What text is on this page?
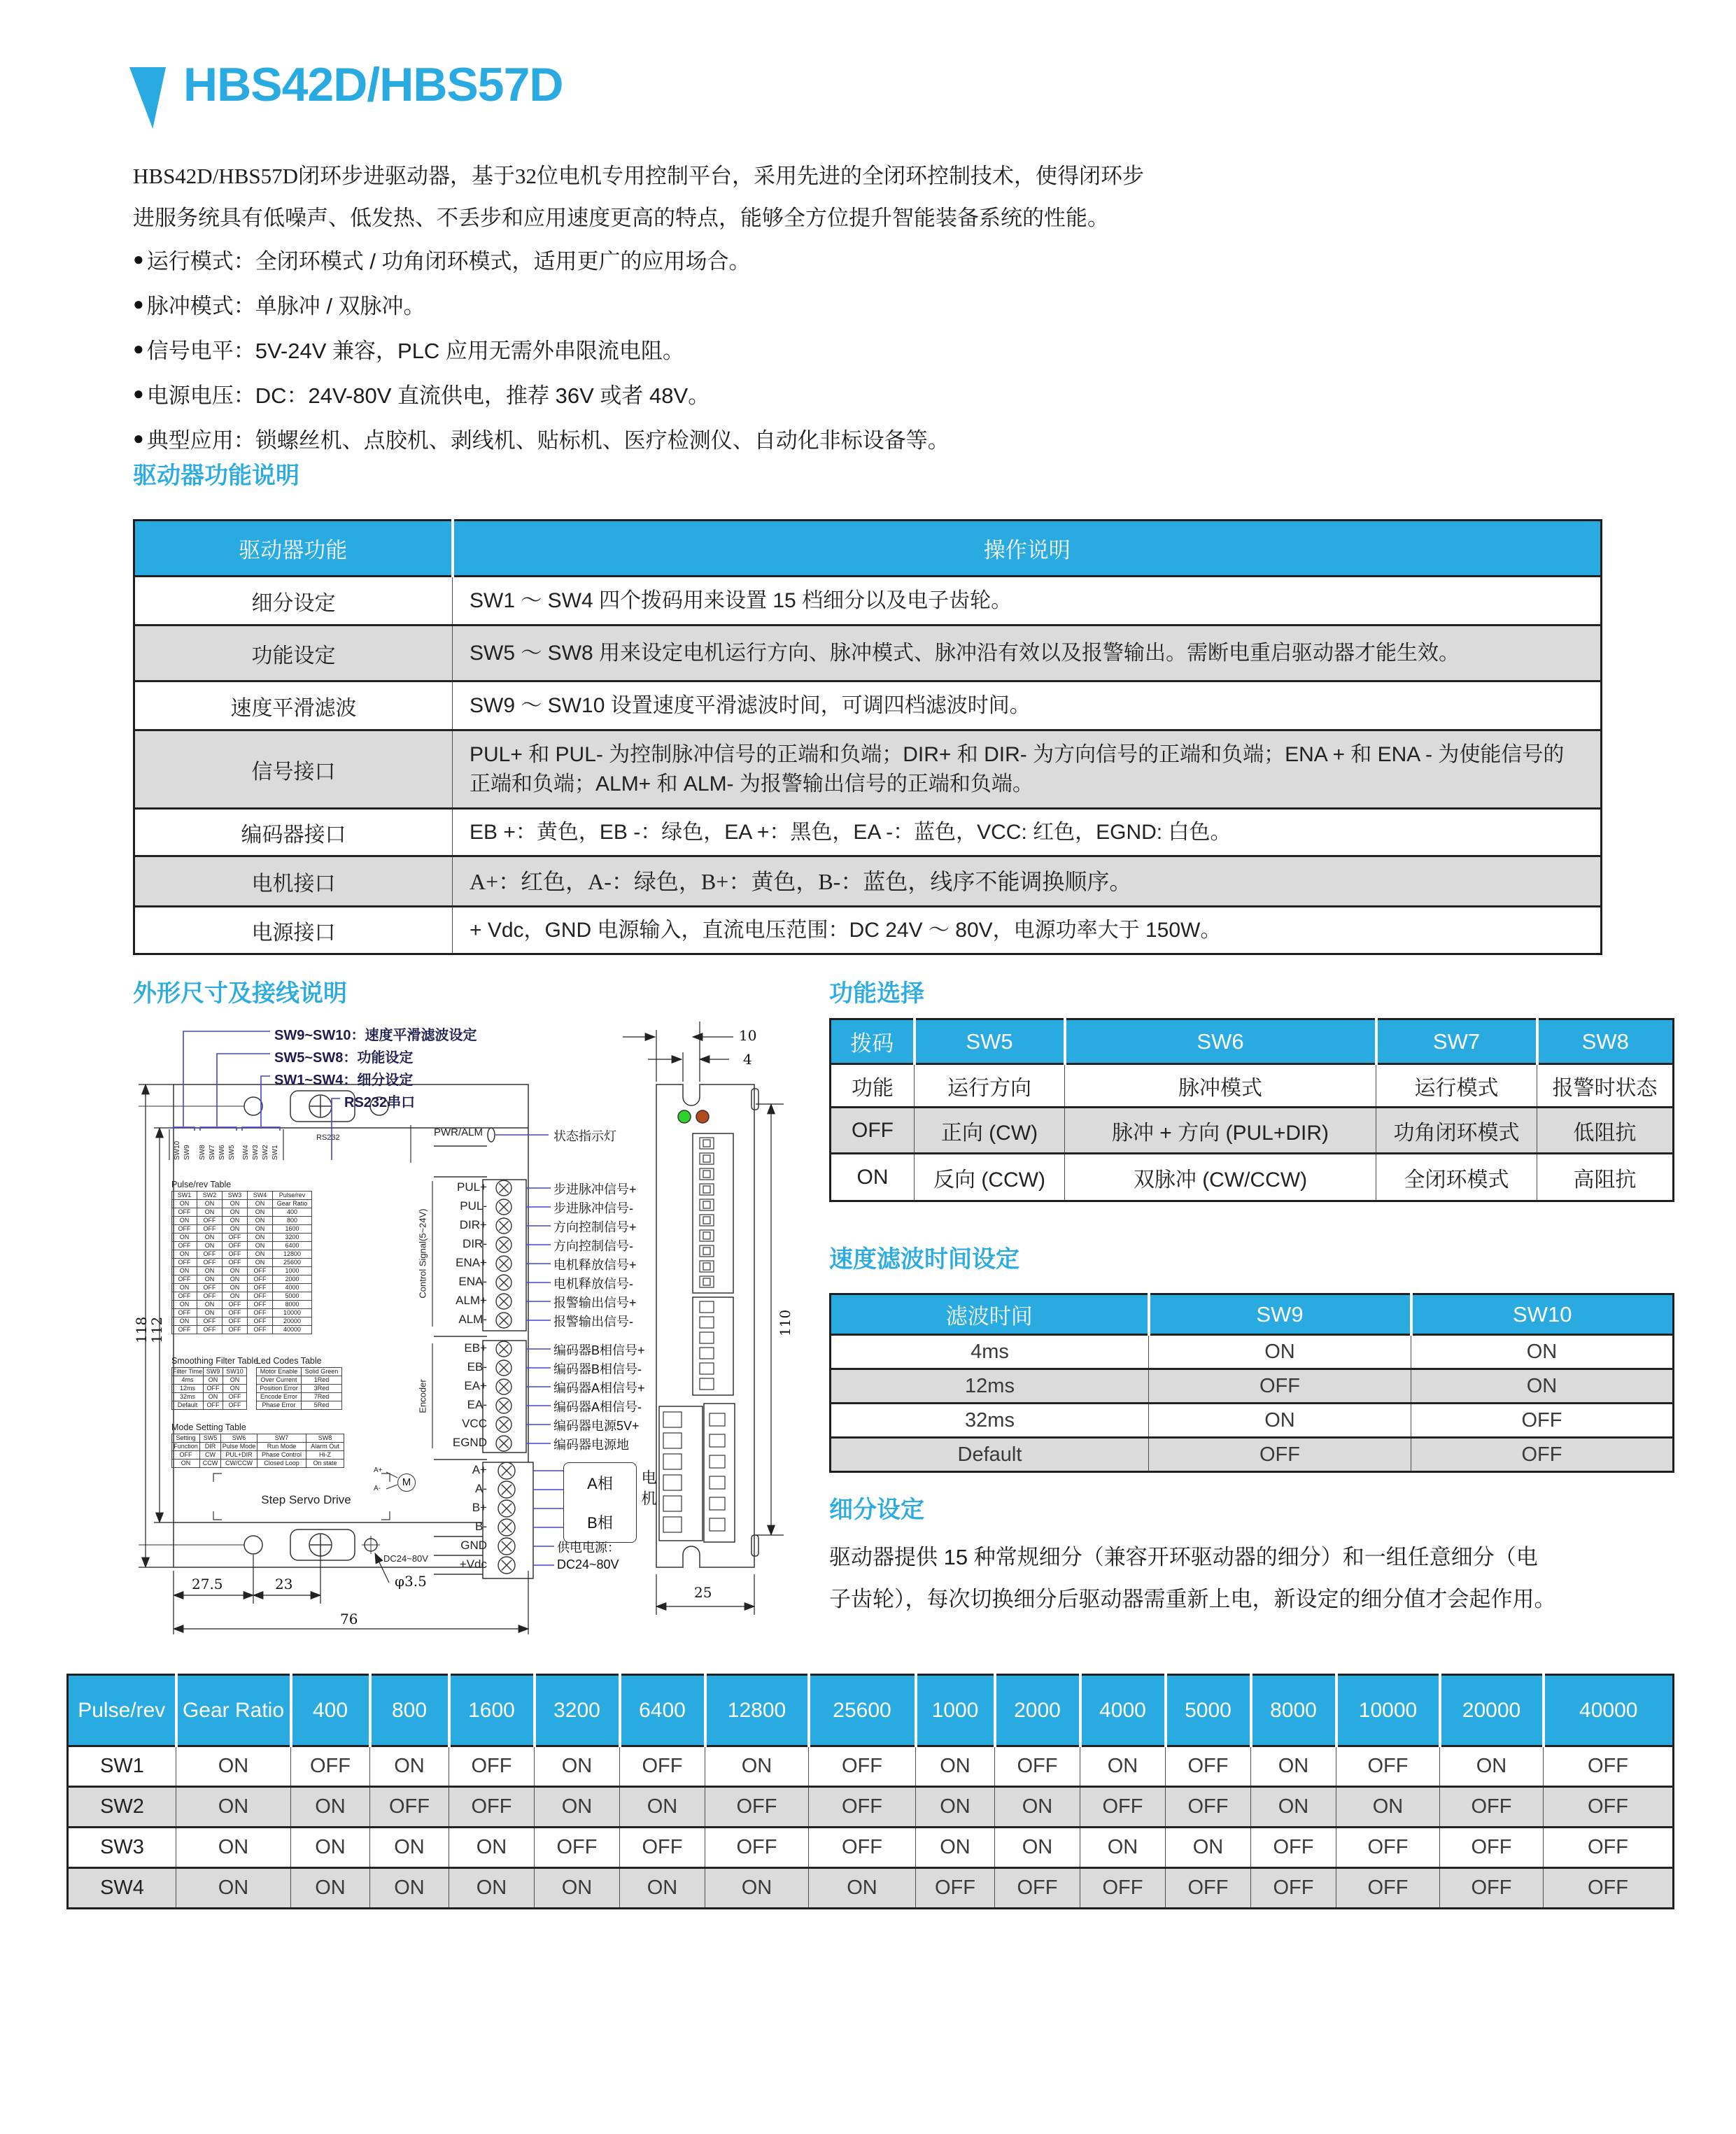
HBS42D/HBS57D
HBS42D/HBS57D闭环步进驱动器，基于32位电机专用控制平台，采用先进的全闭环控制技术，使得闭环步
进服务统具有低噪声、低发热、不丢步和应用速度更高的特点，能够全方位提升智能装备系统的性能。
● 运行模式：全闭环模式 / 功角闭环模式，适用更广的应用场合。
● 脉冲模式：单脉冲 / 双脉冲。
● 信号电平：5V-24V 兼容，PLC 应用无需外串限流电阻。
● 电源电压：DC：24V-80V 直流供电，推荐 36V 或者 48V。
● 典型应用：锁螺丝机、点胶机、剥线机、贴标机、医疗检测仪、自动化非标设备等。
驱动器功能说明
驱动器功能	操作说明
细分设定	SW1 ～ SW4 四个拨码用来设置 15 档细分以及电子齿轮。
功能设定	SW5 ～ SW8 用来设定电机运行方向、脉冲模式、脉冲沿有效以及报警输出。需断电重启驱动器才能生效。
速度平滑滤波	SW9 ～ SW10 设置速度平滑滤波时间，可调四档滤波时间。
信号接口	PUL+ 和 PUL- 为控制脉冲信号的正端和负端；DIR+ 和 DIR- 为方向信号的正端和负端；ENA + 和 ENA - 为使能信号的正端和负端；ALM+ 和 ALM- 为报警输出信号的正端和负端。
编码器接口	EB +：黄色，EB -：绿色，EA +：黑色，EA -：蓝色，VCC: 红色，EGND: 白色。
电机接口	A+：红色，A-：绿色，B+：黄色，B-：蓝色，线序不能调换顺序。
电源接口	+ Vdc，GND 电源输入，直流电压范围：DC 24V ～ 80V，电源功率大于 150W。
外形尺寸及接线说明	功能选择
拨码	SW5	SW6	SW7	SW8
功能	运行方向	脉冲模式	运行模式	报警时状态
OFF	正向 (CW)	脉冲 + 方向 (PUL+DIR)	功角闭环模式	低阻抗
ON	反向 (CCW)	双脉冲 (CW/CCW)	全闭环模式	高阻抗
速度滤波时间设定
滤波时间	SW9	SW10
4ms	ON	ON
12ms	OFF	ON
32ms	ON	OFF
Default	OFF	OFF
细分设定
驱动器提供 15 种常规细分（兼容开环驱动器的细分）和一组任意细分（电
子齿轮），每次切换细分后驱动器需重新上电，新设定的细分值才会起作用。
Pulse/rev	Gear Ratio	400	800	1600	3200	6400	12800	25600	1000	2000	4000	5000	8000	10000	20000	40000
SW1	ON	OFF	ON	OFF	ON	OFF	ON	OFF	ON	OFF	ON	OFF	ON	OFF	ON	OFF
SW2	ON	ON	OFF	OFF	ON	ON	OFF	OFF	ON	ON	OFF	OFF	ON	ON	OFF	OFF
SW3	ON	ON	ON	ON	OFF	OFF	OFF	OFF	ON	ON	ON	ON	OFF	OFF	OFF	OFF
SW4	ON	ON	ON	ON	ON	ON	ON	ON	OFF	OFF	OFF	OFF	OFF	OFF	OFF	OFF
SW9~SW10：速度平滑滤波设定
SW5~SW8：功能设定
SW1~SW4：细分设定
RS232串口
RS232	PWR/ALM
Control Signal(5~24V)
Encoder
状态指示灯
Pulse/rev Table
SW1	SW2	SW3	SW4	Pulse/rev
ON	ON	ON	ON	Gear Ratio
OFF	ON	ON	ON	400
ON	OFF	ON	ON	800
OFF	OFF	ON	ON	1600
ON	ON	OFF	ON	3200
OFF	ON	OFF	ON	6400
ON	OFF	OFF	ON	12800
OFF	OFF	OFF	ON	25600
ON	ON	ON	OFF	1000
OFF	ON	ON	OFF	2000
ON	OFF	ON	OFF	4000
OFF	OFF	ON	OFF	5000
ON	ON	OFF	OFF	8000
OFF	ON	OFF	OFF	10000
ON	OFF	OFF	OFF	20000
OFF	OFF	OFF	OFF	40000
Smoothing Filter Table
Filter Time	SW9	SW10
4ms	ON	ON
12ms	OFF	ON
32ms	ON	OFF
Default	OFF	OFF
Led Codes Table
Motor Enable	Solid Green
Over Current	1Red
Position Error	3Red
Encode Error	7Red
Phase Error	5Red
Mode Setting Table
Setting	SW5	SW6	SW7	SW8
Function	DIR	Pulse Mode	Run Mode	Alarm Out
OFF	CW	PUL+DIR	Phase Control	Hi-Z
ON	CCW	CW/CCW	Closed Loop	On state
Step Servo Drive
M
A+
A-	A相
B相
电机
供电电源：
DC24~80V
DC24~80V
118
112
27.5	23
76
φ3.5
10
4
110
25
SW10 SW9 SW8 SW7 SW6 SW5 SW4 SW3 SW2 SW1
PUL+
PUL-
DIR+
DIR-
ENA+
ENA-
ALM+
ALM-
EB+
EB-
EA+
EA-
VCC
EGND
A+
A-
B+
B-
GND
+Vdc
步进脉冲信号+
步进脉冲信号-
方向控制信号+
方向控制信号-
电机释放信号+
电机释放信号-
报警输出信号+
报警输出信号-
编码器B相信号+
编码器B相信号-
编码器A相信号+
编码器A相信号-
编码器电源5V+
编码器电源地
